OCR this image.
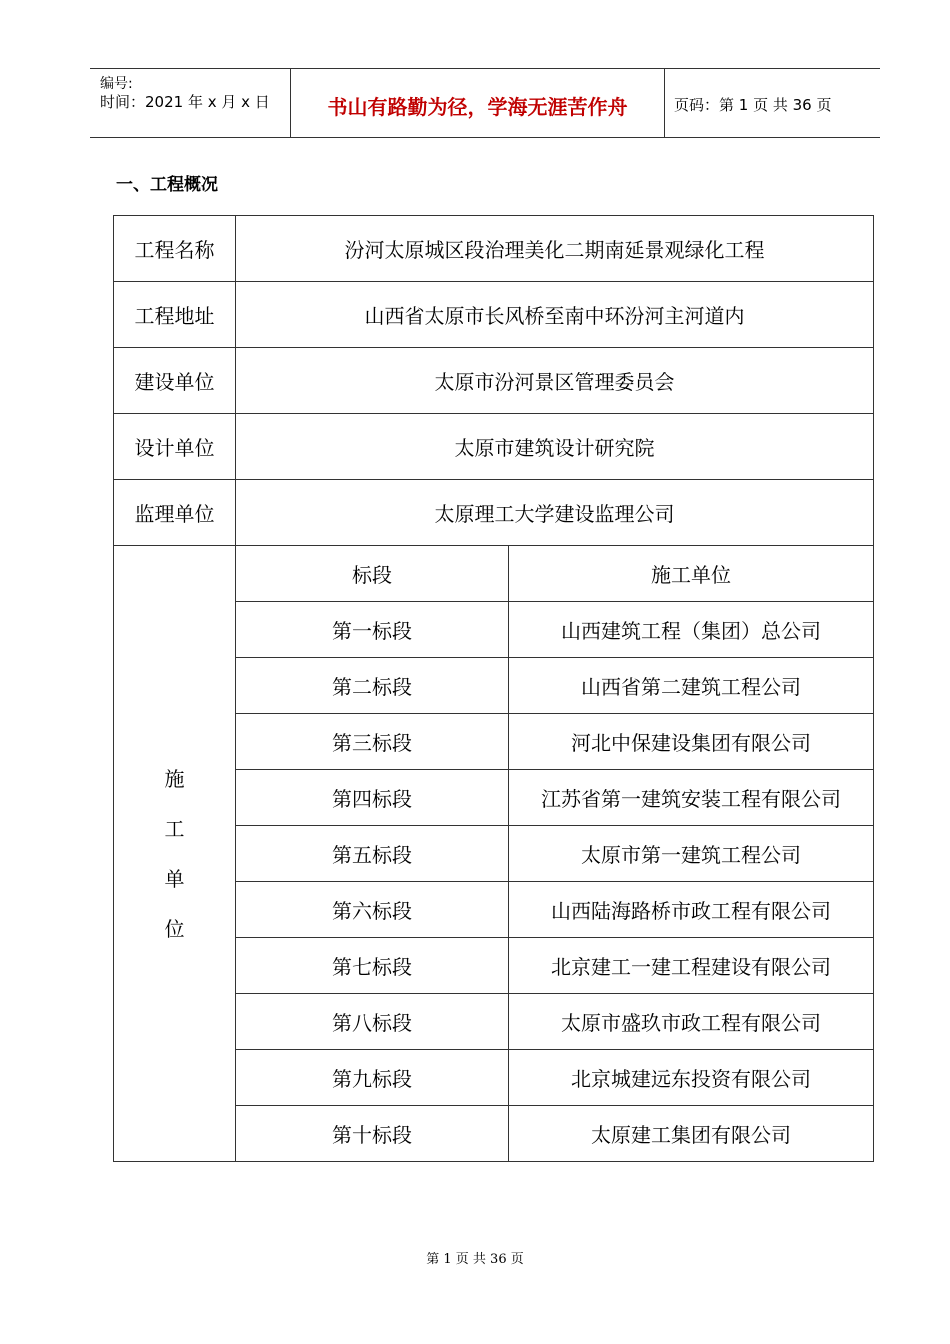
编号:
时间：2021 年 x 月 x 日	书山有路勤为径，学海无涯苦作舟	页码：第 1 页 共 36 页
一、工程概况
工程名称	汾河太原城区段治理美化二期南延景观绿化工程	
工程地址	山西省太原市长风桥至南中环汾河主河道内	
建设单位	太原市汾河景区管理委员会	
设计单位	太原市建筑设计研究院	
监理单位	太原理工大学建设监理公司	

施
工
单
位	标段	施工单位
	第一标段	山西建筑工程（集团）总公司
	第二标段	山西省第二建筑工程公司
	第三标段	河北中保建设集团有限公司
	第四标段	江苏省第一建筑安装工程有限公司
	第五标段	太原市第一建筑工程公司
	第六标段	山西陆海路桥市政工程有限公司
	第七标段	北京建工一建工程建设有限公司
	第八标段	太原市盛玖市政工程有限公司
	第九标段	北京城建远东投资有限公司
	第十标段	太原建工集团有限公司
第 1 页 共 36 页
